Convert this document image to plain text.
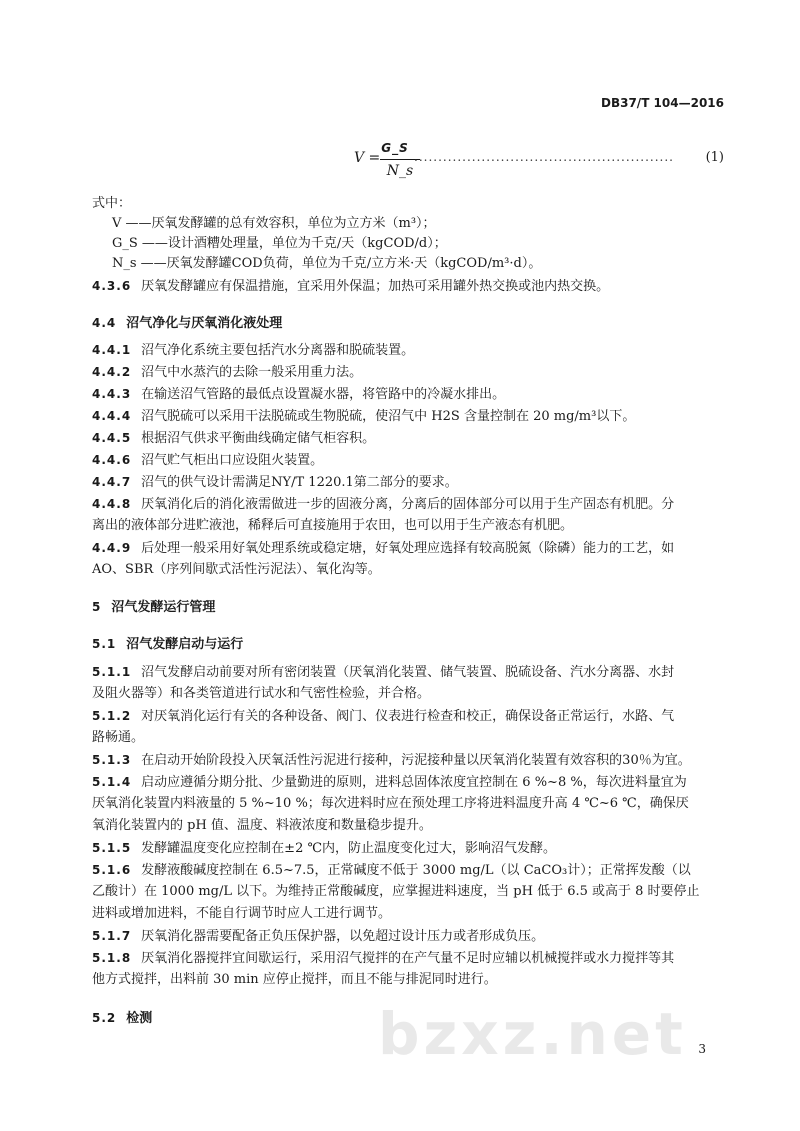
DB37/T 104—2016
V =
G_S
N_s
......................................................	(1)
式中：
V ——厌氧发酵罐的总有效容积，单位为立方米（m³）；
G_S ——设计酒糟处理量，单位为千克/天（kgCOD/d）；
N_s ——厌氧发酵罐COD负荷，单位为千克/立方米·天（kgCOD/m³·d）。
4.3.6 厌氧发酵罐应有保温措施，宜采用外保温；加热可采用罐外热交换或池内热交换。
4.4 沼气净化与厌氧消化液处理
4.4.1 沼气净化系统主要包括汽水分离器和脱硫装置。
4.4.2 沼气中水蒸汽的去除一般采用重力法。
4.4.3 在输送沼气管路的最低点设置凝水器，将管路中的冷凝水排出。
4.4.4 沼气脱硫可以采用干法脱硫或生物脱硫，使沼气中 H2S 含量控制在 20 mg/m³以下。
4.4.5 根据沼气供求平衡曲线确定储气柜容积。
4.4.6 沼气贮气柜出口应设阻火装置。
4.4.7 沼气的供气设计需满足NY/T 1220.1第二部分的要求。
4.4.8 厌氧消化后的消化液需做进一步的固液分离，分离后的固体部分可以用于生产固态有机肥。分
离出的液体部分进贮液池，稀释后可直接施用于农田，也可以用于生产液态有机肥。
4.4.9 后处理一般采用好氧处理系统或稳定塘，好氧处理应选择有较高脱氮（除磷）能力的工艺，如
AO、SBR（序列间歇式活性污泥法）、氧化沟等。
5 沼气发酵运行管理
5.1 沼气发酵启动与运行
5.1.1 沼气发酵启动前要对所有密闭装置（厌氧消化装置、储气装置、脱硫设备、汽水分离器、水封
及阻火器等）和各类管道进行试水和气密性检验，并合格。
5.1.2 对厌氧消化运行有关的各种设备、阀门、仪表进行检查和校正，确保设备正常运行，水路、气
路畅通。
5.1.3 在启动开始阶段投入厌氧活性污泥进行接种，污泥接种量以厌氧消化装置有效容积的30％为宜。
5.1.4 启动应遵循分期分批、少量勤进的原则，进料总固体浓度宜控制在 6 %~8 %，每次进料量宜为
厌氧消化装置内料液量的 5 %~10 %；每次进料时应在预处理工序将进料温度升高 4 ℃~6 ℃，确保厌
氧消化装置内的 pH 值、温度、料液浓度和数量稳步提升。
5.1.5 发酵罐温度变化应控制在±2 ℃内，防止温度变化过大，影响沼气发酵。
5.1.6 发酵液酸碱度控制在 6.5~7.5，正常碱度不低于 3000 mg/L（以 CaCO₃计）；正常挥发酸（以
乙酸计）在 1000 mg/L 以下。为维持正常酸碱度，应掌握进料速度，当 pH 低于 6.5 或高于 8 时要停止
进料或增加进料，不能自行调节时应人工进行调节。
5.1.7 厌氧消化器需要配备正负压保护器，以免超过设计压力或者形成负压。
5.1.8 厌氧消化器搅拌宜间歇运行，采用沼气搅拌的在产气量不足时应辅以机械搅拌或水力搅拌等其
他方式搅拌，出料前 30 min 应停止搅拌，而且不能与排泥同时进行。
5.2 检测	bzxz.net 3
